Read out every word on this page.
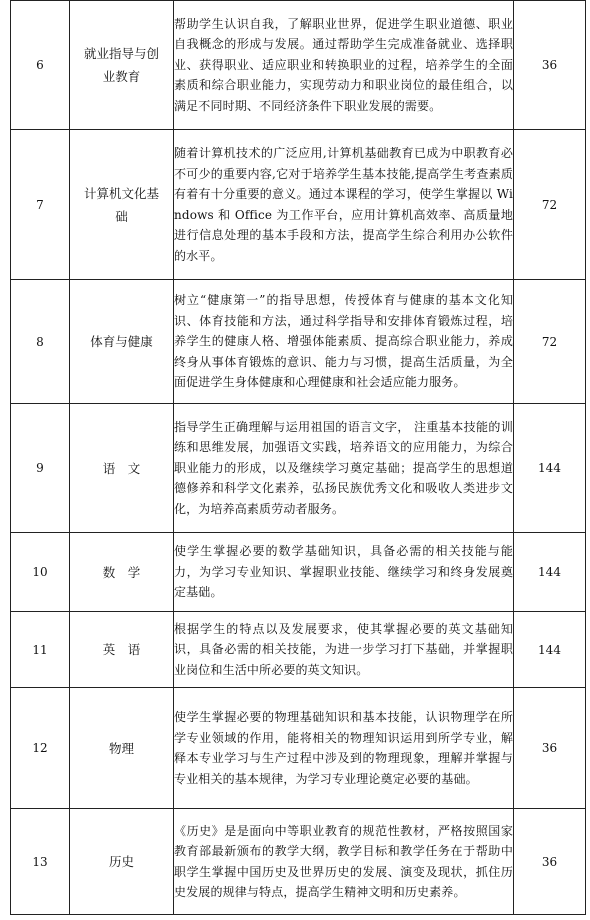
6	就业指导与创业教育	帮助学生认识自我，了解职业世界，促进学生职业道德、职业自我概念的形成与发展。通过帮助学生完成准备就业、选择职业、获得职业、适应职业和转换职业的过程，培养学生的全面素质和综合职业能力，实现劳动力和职业岗位的最佳组合，以满足不同时期、不同经济条件下职业发展的需要。	36
7	计算机文化基础	随着计算机技术的广泛应用,计算机基础教育已成为中职教育必不可少的重要内容,它对于培养学生基本技能,提高学生考查素质有着有十分重要的意义。通过本课程的学习，使学生掌握以 Windows 和 Office 为工作平台，应用计算机高效率、高质量地进行信息处理的基本手段和方法，提高学生综合利用办公软件的水平。	72
8	体育与健康	树立“健康第一”的指导思想，传授体育与健康的基本文化知识、体育技能和方法，通过科学指导和安排体育锻炼过程，培养学生的健康人格、增强体能素质、提高综合职业能力，养成终身从事体育锻炼的意识、能力与习惯，提高生活质量，为全面促进学生身体健康和心理健康和社会适应能力服务。	72
9	语　文	指导学生正确理解与运用祖国的语言文字， 注重基本技能的训练和思维发展，加强语文实践，培养语文的应用能力，为综合职业能力的形成，以及继续学习奠定基础；提高学生的思想道德修养和科学文化素养，弘扬民族优秀文化和吸收人类进步文化，为培养高素质劳动者服务。	144
10	数　学	使学生掌握必要的数学基础知识，具备必需的相关技能与能力，为学习专业知识、掌握职业技能、继续学习和终身发展奠定基础。	144
11	英　语	根据学生的特点以及发展要求，使其掌握必要的英文基础知识，具备必需的相关技能，为进一步学习打下基础，并掌握职业岗位和生活中所必要的英文知识。	144
12	物理	使学生掌握必要的物理基础知识和基本技能，认识物理学在所学专业领域的作用，能将相关的物理知识运用到所学专业，解释本专业学习与生产过程中涉及到的物理现象，理解并掌握与专业相关的基本规律，为学习专业理论奠定必要的基础。	36
13	历史	《历史》是是面向中等职业教育的规范性教材，严格按照国家教育部最新颁布的教学大纲，教学目标和教学任务在于帮助中职学生掌握中国历史及世界历史的发展、演变及现状，抓住历史发展的规律与特点，提高学生精神文明和历史素养。	36
